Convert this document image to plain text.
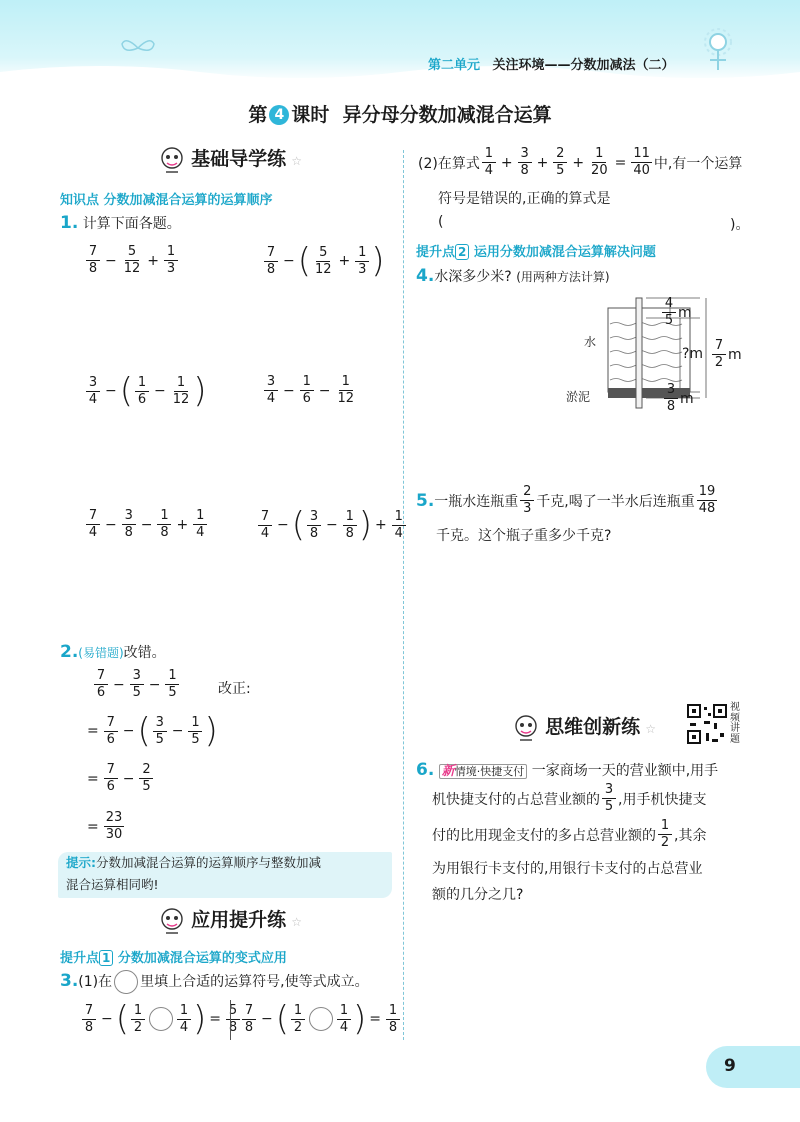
第二单元 关注环境——分数加减法（二）
第 4 课时 异分母分数加减混合运算
基础导学练 ☆
知识点 分数加减混合运算的运算顺序
1. 计算下面各题。
$\frac{7}{8} - \frac{5}{12} + \frac{1}{3}$	$\frac{7}{8}$ − ( $\frac{5}{12} + \frac{1}{3}$ )
$\frac{3}{4}$ − ( $\frac{1}{6} - \frac{1}{12}$ )	$\frac{3}{4} - \frac{1}{6} - \frac{1}{12}$
$\frac{7}{4} - \frac{3}{8} - \frac{1}{8} + \frac{1}{4}$	$\frac{7}{4}$ − ( $\frac{3}{8} - \frac{1}{8}$ ) + $\frac{1}{4}$
2.(易错题)改错。
$\frac{7}{6} - \frac{3}{5} - \frac{1}{5}$	改正:
= $\frac{7}{6}$ − ( $\frac{3}{5} - \frac{1}{5}$ )
= $\frac{7}{6} - \frac{2}{5}$
= $\frac{23}{30}$
提示:分数加减混合运算的运算顺序与整数加减
混合运算相同哟!
应用提升练 ☆
提升点 1 分数加减混合运算的变式应用
3.(1)在 里填上合适的运算符号,使等式成立。
$\frac{7}{8}$ − ( $\frac{1}{2} \frac{1}{4}$ ) = $\frac{5}{8} \frac{7}{8}$ − ( $\frac{1}{2} \frac{1}{4}$ ) = $\frac{1}{8}$
(2)在算式 $\frac{1}{4} + \frac{3}{8} + \frac{2}{5} + \frac{1}{20} = \frac{11}{40}$ 中,有一个运算
符号是错误的,正确的算式是
(	)。
提升点 2 运用分数加减混合运算解决问题
4.水深多少米? (用两种方法计算)
$\frac{4}{5}$ m
?m $\frac{7}{2}$ m
$\frac{3}{8}$ m
水
淤泥
5. 一瓶水连瓶重 $\frac{2}{3}$ 千克,喝了一半水后连瓶重 $\frac{19}{48}$
千克。这个瓶子重多少千克?
思维创新练 ☆
视频讲题
6. 新情境·快捷支付 一家商场一天的营业额中,用手
机快捷支付的占总营业额的 $\frac{3}{5}$ ,用手机快捷支
付的比用现金支付的多占总营业额的 $\frac{1}{2}$ ,其余
为用银行卡支付的,用银行卡支付的占总营业
额的几分之几?
9
